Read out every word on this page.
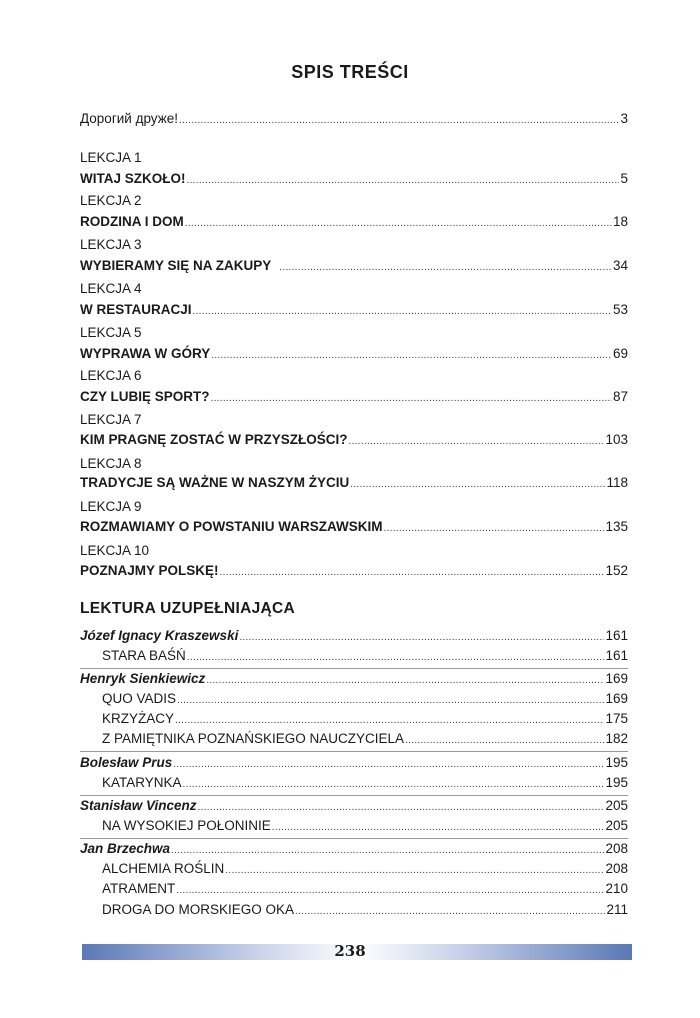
SPIS TREŚCI
Дорогий друже! .....	3
LEKCJA 1
WITAJ SZKOŁO! .....	5
LEKCJA 2
RODZINA I DOM .....	18
LEKCJA 3
WYBIERAMY SIĘ NA ZAKUPY .....	34
LEKCJA 4
W RESTAURACJI .....	53
LEKCJA 5
WYPRAWA W GÓRY .....	69
LEKCJA 6
CZY LUBIĘ SPORT? .....	87
LEKCJA 7
KIM PRAGNĘ ZOSTAĆ W PRZYSZŁOŚCI? .....	103
LEKCJA 8
TRADYCJE SĄ WAŻNE W NASZYM ŻYCIU .....	118
LEKCJA 9
ROZMAWIAMY O POWSTANIU WARSZAWSKIM .....	135
LEKCJA 10
POZNAJMY POLSKĘ! .....	152
LEKTURA UZUPEŁNIAJĄCA
Józef Ignacy Kraszewski .....	161
STARA BAŚŃ .....	161
Henryk Sienkiewicz .....	169
QUO VADIS .....	169
KRZYŻACY .....	175
Z PAMIĘTNIKA POZNAŃSKIEGO NAUCZYCIELA .....	182
Bolesław Prus .....	195
KATARYNKA .....	195
Stanisław Vincenz .....	205
NA WYSOKIEJ POŁONINIE .....	205
Jan Brzechwa .....	208
ALCHEMIA ROŚLIN .....	208
ATRAMENT .....	210
DROGA DO MORSKIEGO OKA .....	211
238
